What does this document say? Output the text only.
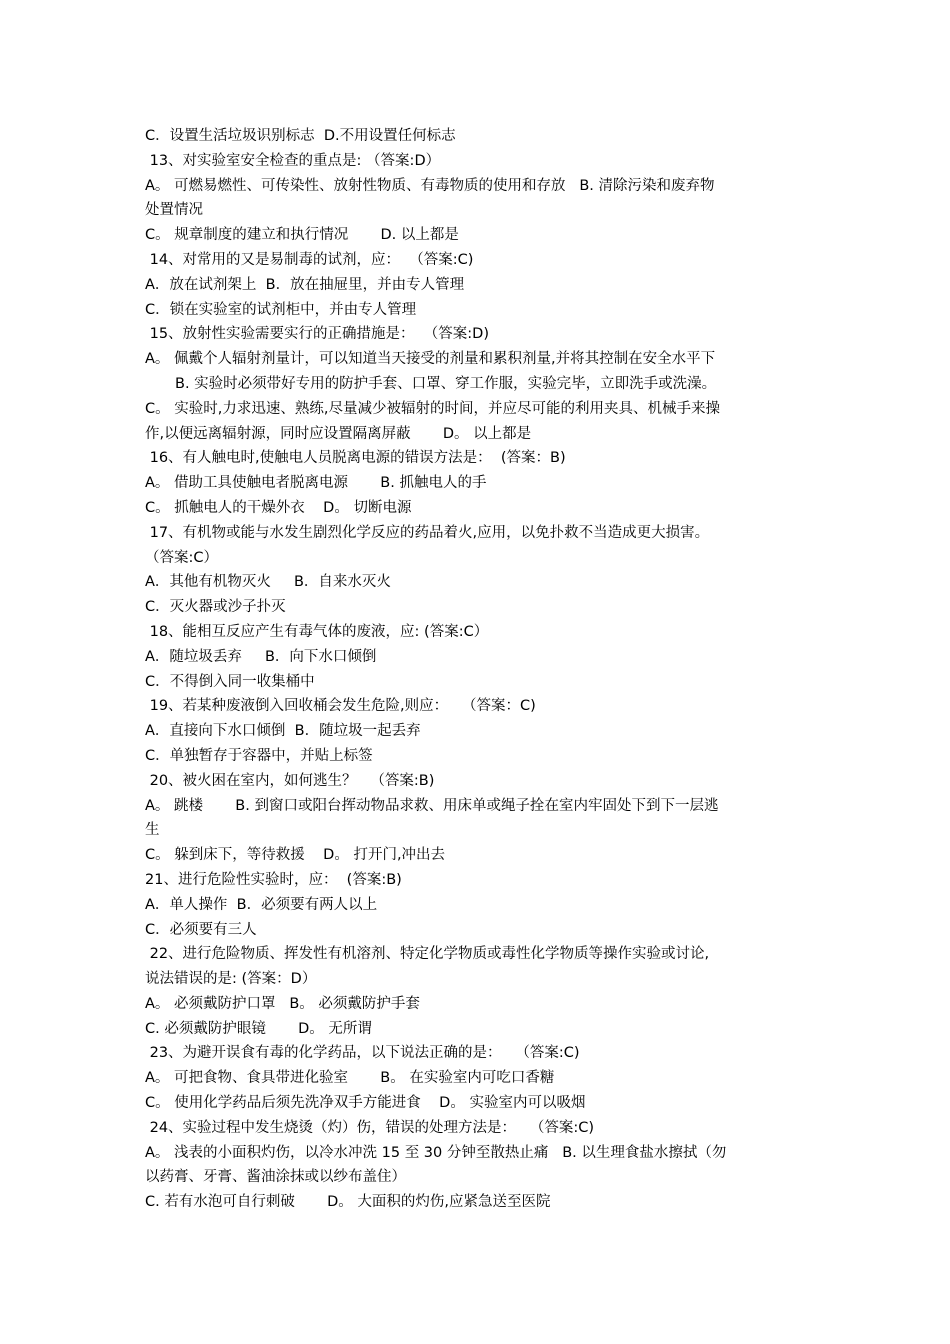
C．设置生活垃圾识别标志  D.不用设置任何标志

13、对实验室安全检查的重点是: （答案:D）

A。 可燃易燃性、可传染性、放射性物质、有毒物质的使用和存放   B. 清除污染和废弃物

处置情况

C。 规章制度的建立和执行情况       D. 以上都是

14、对常用的又是易制毒的试剂，应：  （答案:C)

A．放在试剂架上  B．放在抽屉里，并由专人管理

C．锁在实验室的试剂柜中，并由专人管理

15、放射性实验需要实行的正确措施是：  （答案:D)

A。 佩戴个人辐射剂量计，可以知道当天接受的剂量和累积剂量,并将其控制在安全水平下

B. 实验时必须带好专用的防护手套、口罩、穿工作服，实验完毕，立即洗手或洗澡。

C。 实验时,力求迅速、熟练,尽量减少被辐射的时间，并应尽可能的利用夹具、机械手来操

作,以便远离辐射源，同时应设置隔离屏蔽       D。 以上都是

16、有人触电时,使触电人员脱离电源的错误方法是：  (答案：B)

A。 借助工具使触电者脱离电源       B. 抓触电人的手

C。 抓触电人的干燥外衣    D。 切断电源

17、有机物或能与水发生剧烈化学反应的药品着火,应用，以免扑救不当造成更大损害。

（答案:C）

A．其他有机物灭火     B．自来水灭火

C．灭火器或沙子扑灭

18、能相互反应产生有毒气体的废液，应: (答案:C）

A．随垃圾丢弃     B．向下水口倾倒

C．不得倒入同一收集桶中

19、若某种废液倒入回收桶会发生危险,则应：   （答案：C)

A．直接向下水口倾倒  B．随垃圾一起丢弃

C．单独暂存于容器中，并贴上标签

20、被火困在室内，如何逃生？   （答案:B)

A。 跳楼       B. 到窗口或阳台挥动物品求救、用床单或绳子拴在室内牢固处下到下一层逃

生

C。 躲到床下，等待救援    D。 打开门,冲出去

21、进行危险性实验时，应：  (答案:B)

A．单人操作  B．必须要有两人以上

C．必须要有三人

22、进行危险物质、挥发性有机溶剂、特定化学物质或毒性化学物质等操作实验或讨论,

说法错误的是: (答案：D）

A。 必须戴防护口罩   B。 必须戴防护手套

C. 必须戴防护眼镜       D。 无所谓

23、为避开误食有毒的化学药品，以下说法正确的是：   （答案:C)

A。 可把食物、食具带进化验室       B。 在实验室内可吃口香糖

C。 使用化学药品后须先洗净双手方能进食    D。 实验室内可以吸烟

24、实验过程中发生烧烫（灼）伤，错误的处理方法是：   （答案:C)

A。 浅表的小面积灼伤，以冷水冲洗 15 至 30 分钟至散热止痛   B. 以生理食盐水擦拭（勿

以药膏、牙膏、酱油涂抹或以纱布盖住）

C. 若有水泡可自行刺破       D。 大面积的灼伤,应紧急送至医院
